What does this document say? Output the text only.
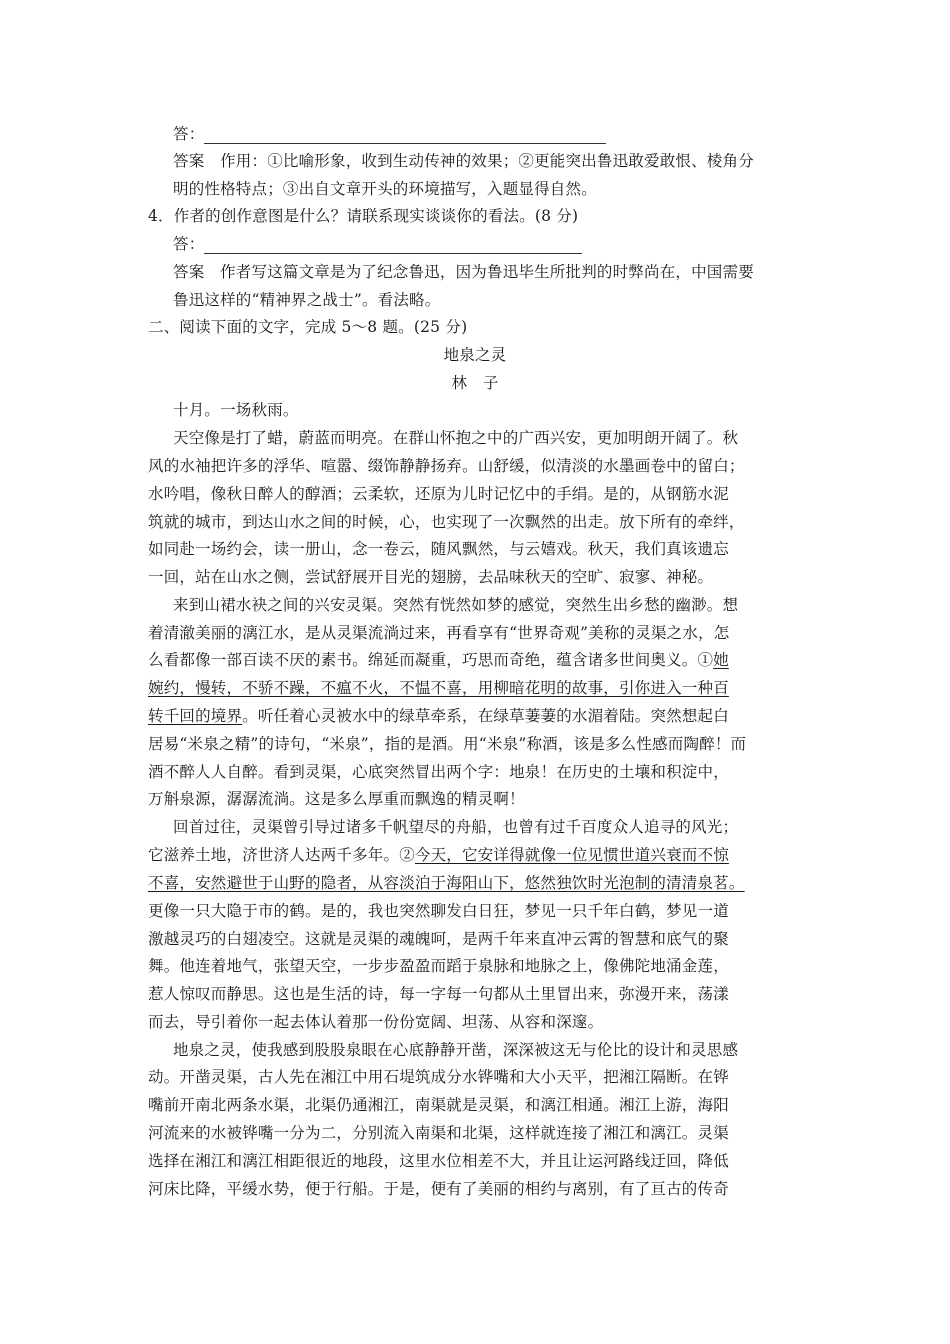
答：
答案　作用：①比喻形象，收到生动传神的效果；②更能突出鲁迅敢爱敢恨、棱角分
明的性格特点；③出自文章开头的环境描写，入题显得自然。
4．作者的创作意图是什么？请联系现实谈谈你的看法。(8 分)
答：
答案　作者写这篇文章是为了纪念鲁迅，因为鲁迅毕生所批判的时弊尚在，中国需要
鲁迅这样的“精神界之战士”。看法略。
二、阅读下面的文字，完成 5～8 题。(25 分)
地泉之灵
林　子
十月。一场秋雨。
天空像是打了蜡，蔚蓝而明亮。在群山怀抱之中的广西兴安，更加明朗开阔了。秋
风的水袖把许多的浮华、喧嚣、缀饰静静扬弃。山舒缓，似清淡的水墨画卷中的留白；
水吟唱，像秋日醉人的醇酒；云柔软，还原为儿时记忆中的手绢。是的，从钢筋水泥
筑就的城市，到达山水之间的时候，心，也实现了一次飘然的出走。放下所有的牵绊，
如同赴一场约会，读一册山，念一卷云，随风飘然，与云嬉戏。秋天，我们真该遗忘
一回，站在山水之侧，尝试舒展开目光的翅膀，去品味秋天的空旷、寂寥、神秘。
来到山裙水袂之间的兴安灵渠。突然有恍然如梦的感觉，突然生出乡愁的幽渺。想
着清澈美丽的漓江水，是从灵渠流淌过来，再看享有“世界奇观”美称的灵渠之水，怎
么看都像一部百读不厌的素书。绵延而凝重，巧思而奇绝，蕴含诸多世间奥义。①她
婉约，慢转，不骄不躁，不瘟不火，不愠不喜，用柳暗花明的故事，引你进入一种百
转千回的境界。听任着心灵被水中的绿草牵系，在绿草萋萋的水湄着陆。突然想起白
居易“米泉之精”的诗句，“米泉”，指的是酒。用“米泉”称酒，该是多么性感而陶醉！而
酒不醉人人自醉。看到灵渠，心底突然冒出两个字：地泉！在历史的土壤和积淀中，
万斛泉源，潺潺流淌。这是多么厚重而飘逸的精灵啊！
回首过往，灵渠曾引导过诸多千帆望尽的舟船，也曾有过千百度众人追寻的风光；
它滋养土地，济世济人达两千多年。②今天，它安详得就像一位见惯世道兴衰而不惊
不喜，安然避世于山野的隐者，从容淡泊于海阳山下，悠然独饮时光泡制的清清泉茗。
更像一只大隐于市的鹤。是的，我也突然聊发白日狂，梦见一只千年白鹤，梦见一道
激越灵巧的白翅凌空。这就是灵渠的魂魄呵，是两千年来直冲云霄的智慧和底气的聚
舞。他连着地气，张望天空，一步步盈盈而蹈于泉脉和地脉之上，像佛陀地涌金莲，
惹人惊叹而静思。这也是生活的诗，每一字每一句都从土里冒出来，弥漫开来，荡漾
而去，导引着你一起去体认着那一份份宽阔、坦荡、从容和深邃。
地泉之灵，使我感到股股泉眼在心底静静开凿，深深被这无与伦比的设计和灵思感
动。开凿灵渠，古人先在湘江中用石堤筑成分水铧嘴和大小天平，把湘江隔断。在铧
嘴前开南北两条水渠，北渠仍通湘江，南渠就是灵渠，和漓江相通。湘江上游，海阳
河流来的水被铧嘴一分为二，分别流入南渠和北渠，这样就连接了湘江和漓江。灵渠
选择在湘江和漓江相距很近的地段，这里水位相差不大，并且让运河路线迂回，降低
河床比降，平缓水势，便于行船。于是，便有了美丽的相约与离别，有了亘古的传奇
